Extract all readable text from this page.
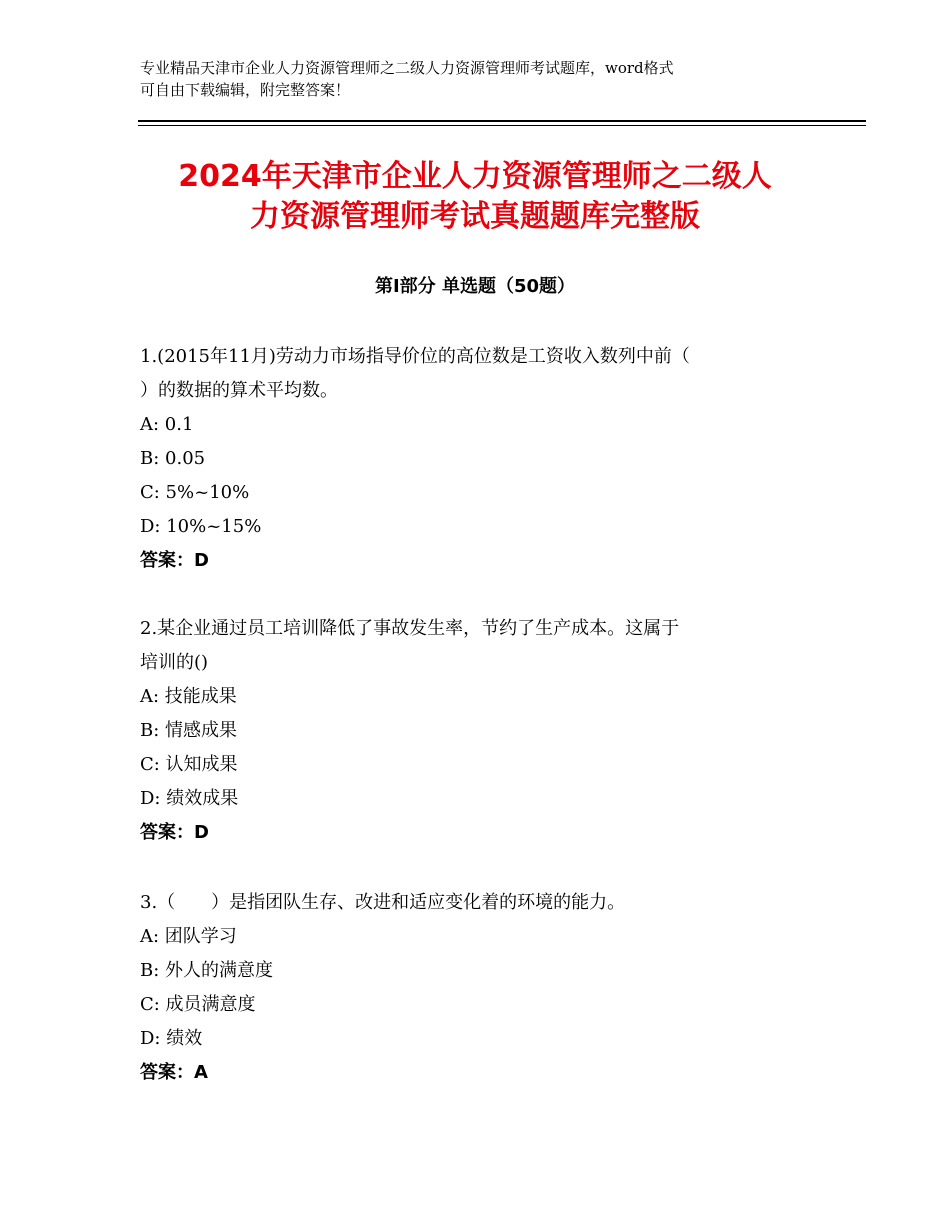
专业精品天津市企业人力资源管理师之二级人力资源管理师考试题库，word格式
可自由下载编辑，附完整答案！
2024年天津市企业人力资源管理师之二级人
力资源管理师考试真题题库完整版
第Ⅰ部分 单选题（50题）

1.(2015年11月)劳动力市场指导价位的高位数是工资收入数列中前（

）的数据的算术平均数。

A: 0.1

B: 0.05

C: 5%~10%

D: 10%~15%

答案：D

2.某企业通过员工培训降低了事故发生率，节约了生产成本。这属于

培训的()

A: 技能成果

B: 情感成果

C: 认知成果

D: 绩效成果

答案：D

3.（　　）是指团队生存、改进和适应变化着的环境的能力。

A: 团队学习

B: 外人的满意度

C: 成员满意度

D: 绩效

答案：A
